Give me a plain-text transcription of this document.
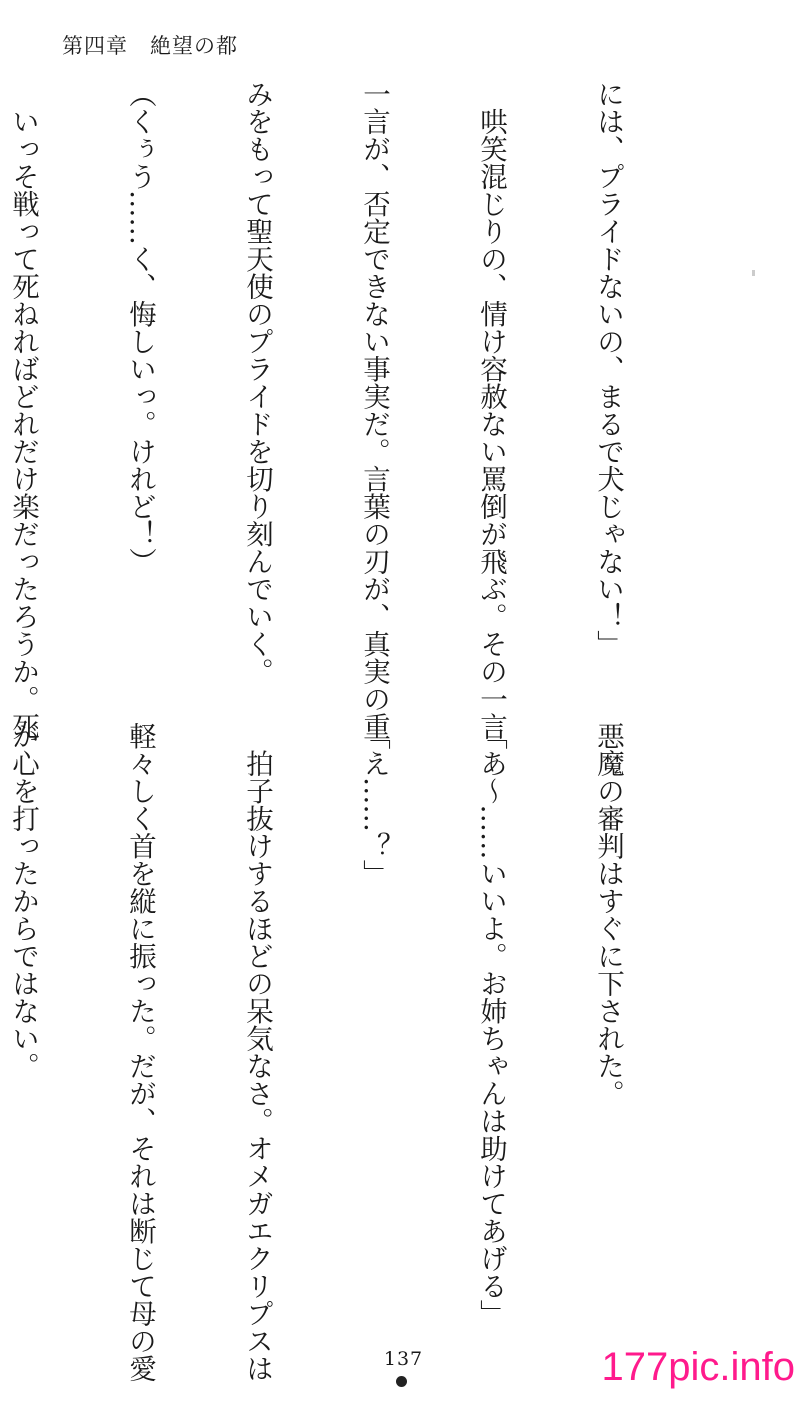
第四章　絶望の都

には、プライドないの、まるで犬じゃない！」

　哄笑混じりの、情け容赦ない罵倒が飛ぶ。その一言

一言が、否定できない事実だ。言葉の刃が、真実の重

みをもって聖天使のプライドを切り刻んでいく。

（くぅう……く、悔しいっ。けれど！）

　いっそ戦って死ねればどれだけ楽だったろうか。死

悪魔の審判はすぐに下された。

「あ～……いいよ。お姉ちゃんは助けてあげる」

「え……？」

　拍子抜けするほどの呆気なさ。オメガエクリプスは

軽々しく首を縦に振った。だが、それは断じて母の愛

が心を打ったからではない。

137	177pic.info
